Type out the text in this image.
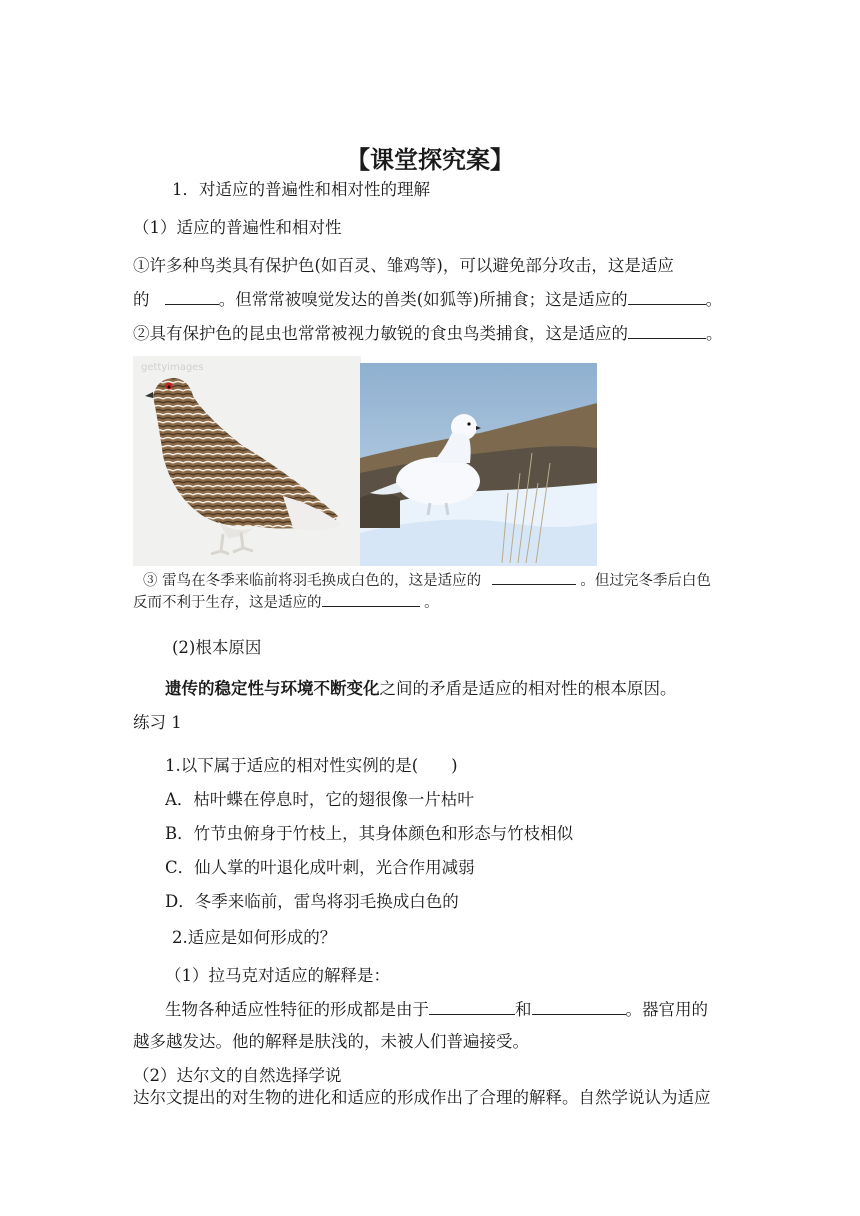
【课堂探究案】
1．对适应的普遍性和相对性的理解
（1）适应的普遍性和相对性
①许多种鸟类具有保护色(如百灵、雏鸡等)，可以避免部分攻击，这是适应
的	。但常常被嗅觉发达的兽类(如狐等)所捕食；这是适应的	。
②具有保护色的昆虫也常常被视力敏锐的食虫鸟类捕食，这是适应的	。
gettyimages
③ 雷鸟在冬季来临前将羽毛换成白色的，这是适应的	。但过完冬季后白色
反而不利于生存，这是适应的	。
(2)根本原因
遗传的稳定性与环境不断变化之间的矛盾是适应的相对性的根本原因。
练习 1
1.以下属于适应的相对性实例的是(　　)
A．枯叶蝶在停息时，它的翅很像一片枯叶
B．竹节虫俯身于竹枝上，其身体颜色和形态与竹枝相似
C．仙人掌的叶退化成叶刺，光合作用减弱
D．冬季来临前，雷鸟将羽毛换成白色的
2.适应是如何形成的？
（1）拉马克对适应的解释是：
生物各种适应性特征的形成都是由于	和	。器官用的
越多越发达。他的解释是肤浅的，未被人们普遍接受。
（2）达尔文的自然选择学说
达尔文提出的对生物的进化和适应的形成作出了合理的解释。自然学说认为适应
